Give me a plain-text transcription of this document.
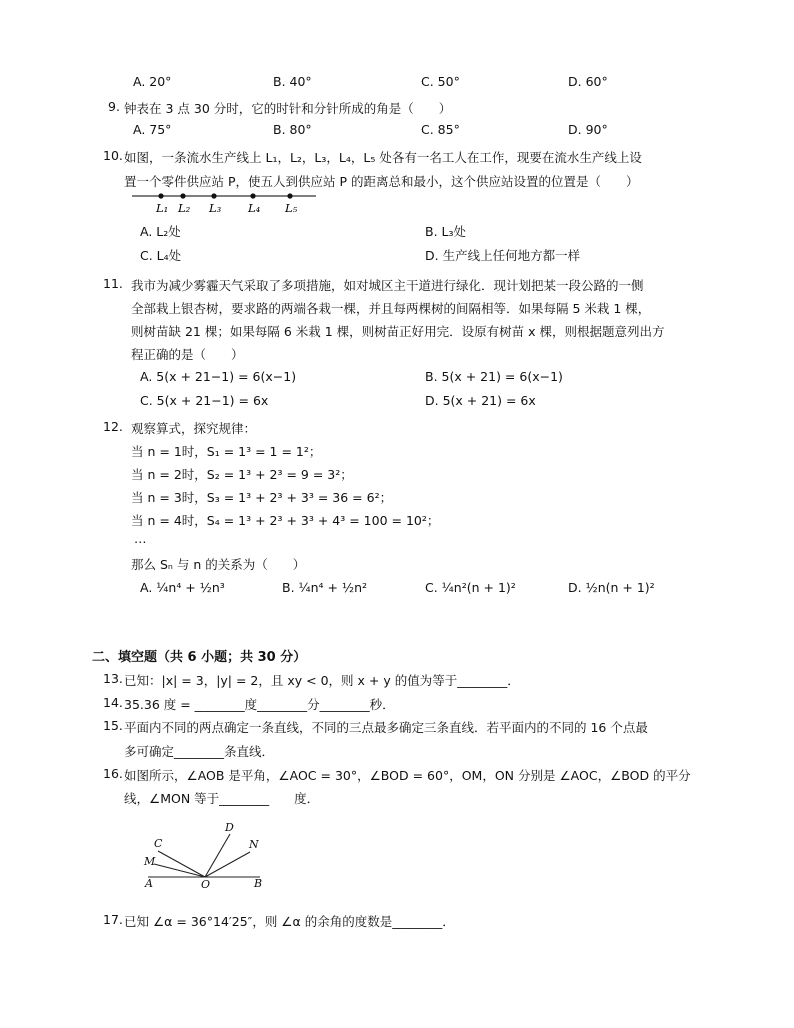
A. 20°	B. 40°	C. 50°	D. 60°
9. 钟表在 3 点 30 分时，它的时针和分针所成的角是（　　）
A. 75°	B. 80°	C. 85°	D. 90°
10. 如图，一条流水生产线上 L₁，L₂，L₃，L₄，L₅ 处各有一名工人在工作，现要在流水生产线上设
置一个零件供应站 P，使五人到供应站 P 的距离总和最小，这个供应站设置的位置是（　　）
L₁ L₂ L₃ L₄ L₅
A. L₂处	B. L₃处
C. L₄处	D. 生产线上任何地方都一样
11. 我市为减少雾霾天气采取了多项措施，如对城区主干道进行绿化．现计划把某一段公路的一侧
全部栽上银杏树，要求路的两端各栽一棵，并且每两棵树的间隔相等．如果每隔 5 米栽 1 棵，
则树苗缺 21 棵；如果每隔 6 米栽 1 棵，则树苗正好用完．设原有树苗 x 棵，则根据题意列出方
程正确的是（　　）
A. 5(x + 21−1) = 6(x−1)	B. 5(x + 21) = 6(x−1)
C. 5(x + 21−1) = 6x	D. 5(x + 21) = 6x
12. 观察算式，探究规律：
当 n = 1时，S₁ = 1³ = 1 = 1²；
当 n = 2时，S₂ = 1³ + 2³ = 9 = 3²；
当 n = 3时，S₃ = 1³ + 2³ + 3³ = 36 = 6²；
当 n = 4时，S₄ = 1³ + 2³ + 3³ + 4³ = 100 = 10²；
…
那么 Sₙ 与 n 的关系为（　　）
A. ¼n⁴ + ½n³	B. ¼n⁴ + ½n²	C. ¼n²(n + 1)²	D. ½n(n + 1)²
二、填空题（共 6 小题；共 30 分）
13. 已知：|x| = 3，|y| = 2，且 xy < 0，则 x + y 的值为等于________．
14. 35.36 度 = ________度________分________秒．
15. 平面内不同的两点确定一条直线，不同的三点最多确定三条直线．若平面内的不同的 16 个点最
多可确定________条直线．
16. 如图所示，∠AOB 是平角，∠AOC = 30°，∠BOD = 60°，OM，ON 分别是 ∠AOC，∠BOD 的平分
线，∠MON 等于________　　度．
C
D
N
M
A	O	B
17. 已知 ∠α = 36°14′25″，则 ∠α 的余角的度数是________．
